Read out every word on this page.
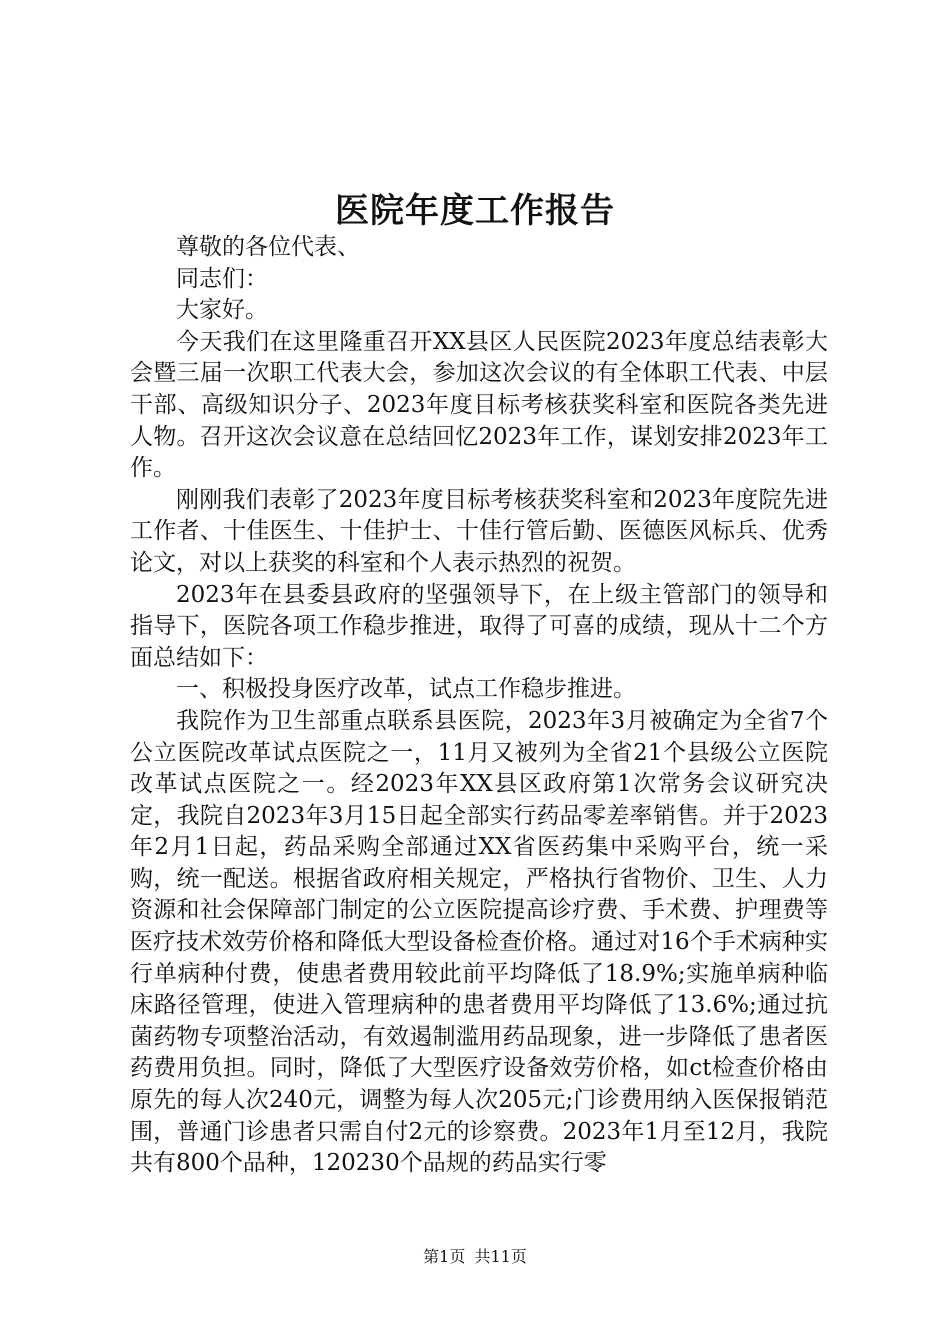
医院年度工作报告

尊敬的各位代表、

同志们：

大家好。

今天我们在这里隆重召开XX县区人民医院2023年度总结表彰大会暨三届一次职工代表大会，参加这次会议的有全体职工代表、中层干部、高级知识分子、2023年度目标考核获奖科室和医院各类先进人物。召开这次会议意在总结回忆2023年工作，谋划安排2023年工作。

刚刚我们表彰了2023年度目标考核获奖科室和2023年度院先进工作者、十佳医生、十佳护士、十佳行管后勤、医德医风标兵、优秀论文，对以上获奖的科室和个人表示热烈的祝贺。

2023年在县委县政府的坚强领导下，在上级主管部门的领导和指导下，医院各项工作稳步推进，取得了可喜的成绩，现从十二个方面总结如下：

一、积极投身医疗改革，试点工作稳步推进。

我院作为卫生部重点联系县医院，2023年3月被确定为全省7个公立医院改革试点医院之一，11月又被列为全省21个县级公立医院改革试点医院之一。经2023年XX县区政府第1次常务会议研究决定，我院自2023年3月15日起全部实行药品零差率销售。并于2023年2月1日起，药品采购全部通过XX省医药集中采购平台，统一采购，统一配送。根据省政府相关规定，严格执行省物价、卫生、人力资源和社会保障部门制定的公立医院提高诊疗费、手术费、护理费等医疗技术效劳价格和降低大型设备检查价格。通过对16个手术病种实行单病种付费，使患者费用较此前平均降低了18.9%;实施单病种临床路径管理，使进入管理病种的患者费用平均降低了13.6%;通过抗菌药物专项整治活动，有效遏制滥用药品现象，进一步降低了患者医药费用负担。同时，降低了大型医疗设备效劳价格，如ct检查价格由原先的每人次240元，调整为每人次205元;门诊费用纳入医保报销范围，普通门诊患者只需自付2元的诊察费。2023年1月至12月，我院共有800个品种，120230个品规的药品实行零

第1页 共11页
